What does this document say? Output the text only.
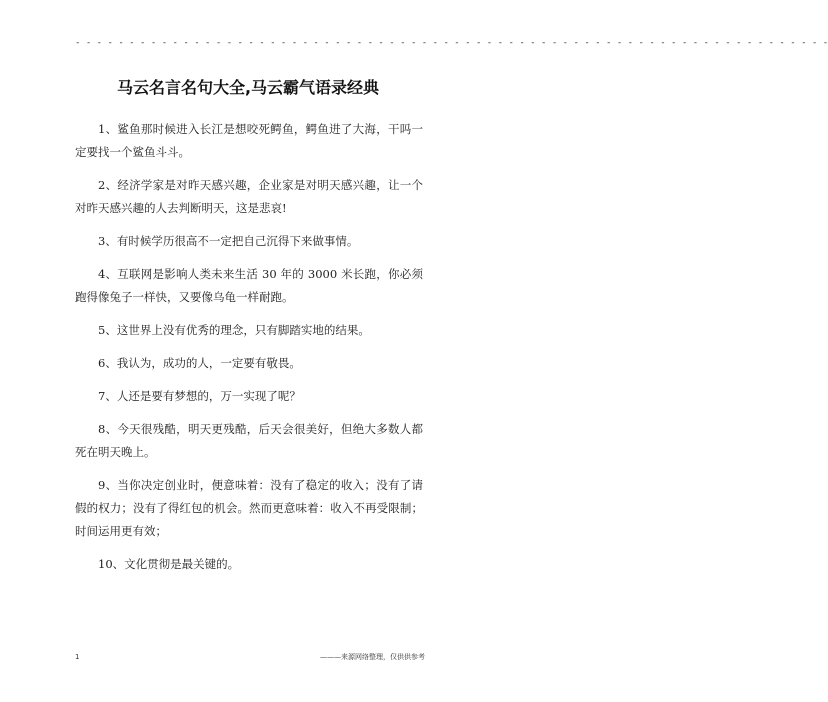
- - - - - - - - - - - - - - - - - - - - - - - - - - - - - - - - - - - - - - - - - - - - - - - - - - - - - - - - - - - - - - - - - - - - - -
马云名言名句大全,马云霸气语录经典

1、鲨鱼那时候进入长江是想咬死鳄鱼，鳄鱼进了大海，干吗一定要找一个鲨鱼斗斗。

2、经济学家是对昨天感兴趣，企业家是对明天感兴趣，让一个对昨天感兴趣的人去判断明天，这是悲哀!

3、有时候学历很高不一定把自己沉得下来做事情。

4、互联网是影响人类未来生活 30 年的 3000 米长跑，你必须跑得像兔子一样快，又要像乌龟一样耐跑。

5、这世界上没有优秀的理念，只有脚踏实地的结果。

6、我认为，成功的人，一定要有敬畏。

7、人还是要有梦想的，万一实现了呢？

8、今天很残酷，明天更残酷，后天会很美好，但绝大多数人都死在明天晚上。

9、当你决定创业时，便意味着：没有了稳定的收入；没有了请假的权力；没有了得红包的机会。然而更意味着：收入不再受限制；时间运用更有效；

10、文化贯彻是最关键的。

1	———来源网络整理，仅供供参考
